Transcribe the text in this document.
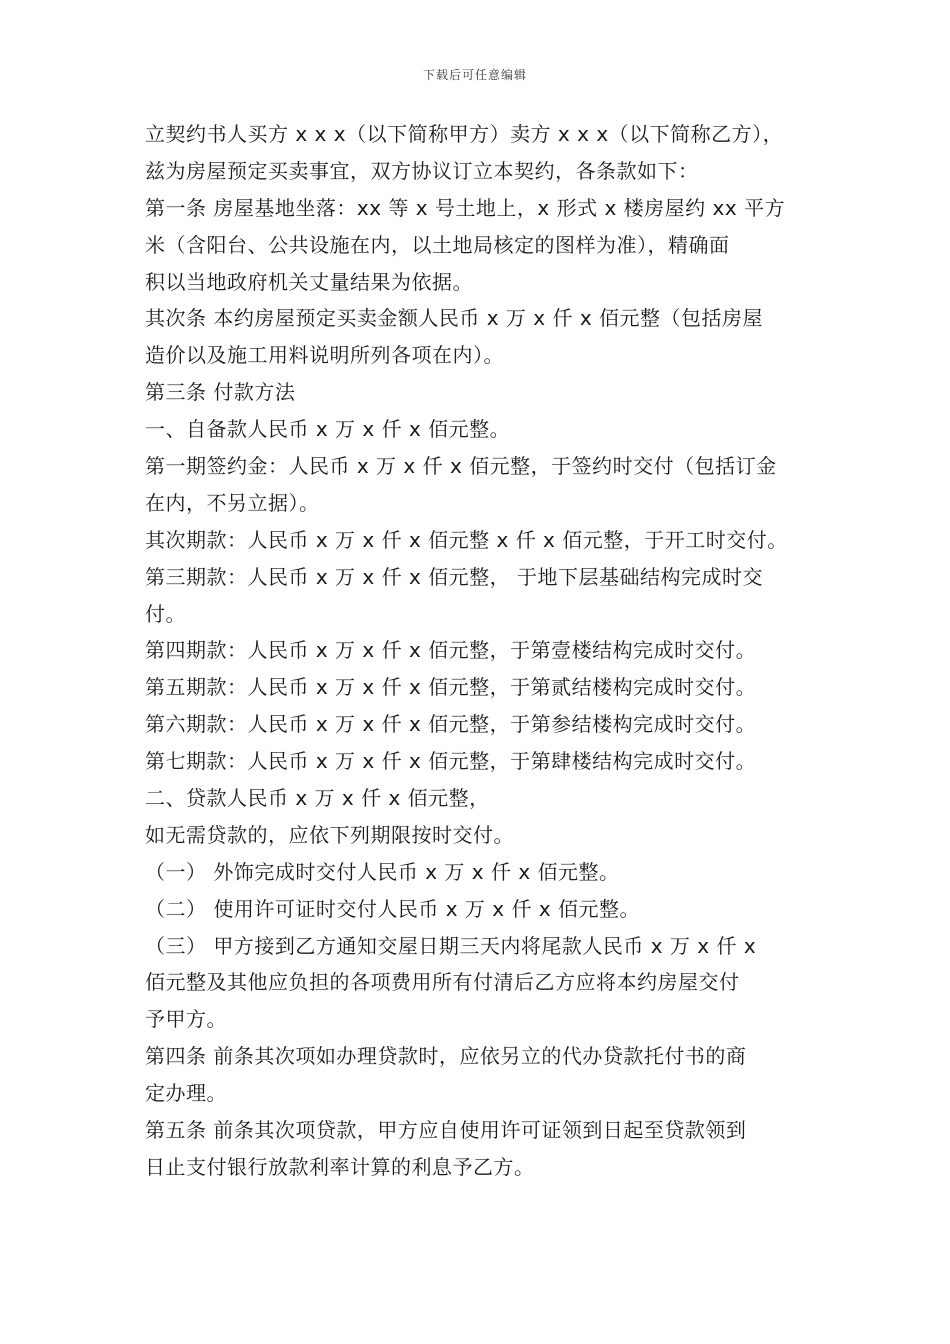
下载后可任意编辑
立契约书人买方 x x x（以下简称甲方）卖方 x x x（以下简称乙方），
兹为房屋预定买卖事宜，双方协议订立本契约，各条款如下：
第一条 房屋基地坐落：xx 等 x 号土地上，x 形式 x 楼房屋约 xx 平方
米（含阳台、公共设施在内，以土地局核定的图样为准），精确面
积以当地政府机关丈量结果为依据。
其次条 本约房屋预定买卖金额人民币 x 万 x 仟 x 佰元整（包括房屋
造价以及施工用料说明所列各项在内）。
第三条 付款方法
一、自备款人民币 x 万 x 仟 x 佰元整。
第一期签约金：人民币 x 万 x 仟 x 佰元整，于签约时交付（包括订金
在内，不另立据）。
其次期款：人民币 x 万 x 仟 x 佰元整 x 仟 x 佰元整，于开工时交付。
第三期款：人民币 x 万 x 仟 x 佰元整， 于地下层基础结构完成时交
付。
第四期款：人民币 x 万 x 仟 x 佰元整，于第壹楼结构完成时交付。
第五期款：人民币 x 万 x 仟 x 佰元整，于第贰结楼构完成时交付。
第六期款：人民币 x 万 x 仟 x 佰元整，于第参结楼构完成时交付。
第七期款：人民币 x 万 x 仟 x 佰元整，于第肆楼结构完成时交付。
二、贷款人民币 x 万 x 仟 x 佰元整，
如无需贷款的，应依下列期限按时交付。
（一） 外饰完成时交付人民币 x 万 x 仟 x 佰元整。
（二） 使用许可证时交付人民币 x 万 x 仟 x 佰元整。
（三） 甲方接到乙方通知交屋日期三天内将尾款人民币 x 万 x 仟 x
佰元整及其他应负担的各项费用所有付清后乙方应将本约房屋交付
予甲方。
第四条 前条其次项如办理贷款时，应依另立的代办贷款托付书的商
定办理。
第五条 前条其次项贷款，甲方应自使用许可证领到日起至贷款领到
日止支付银行放款利率计算的利息予乙方。
